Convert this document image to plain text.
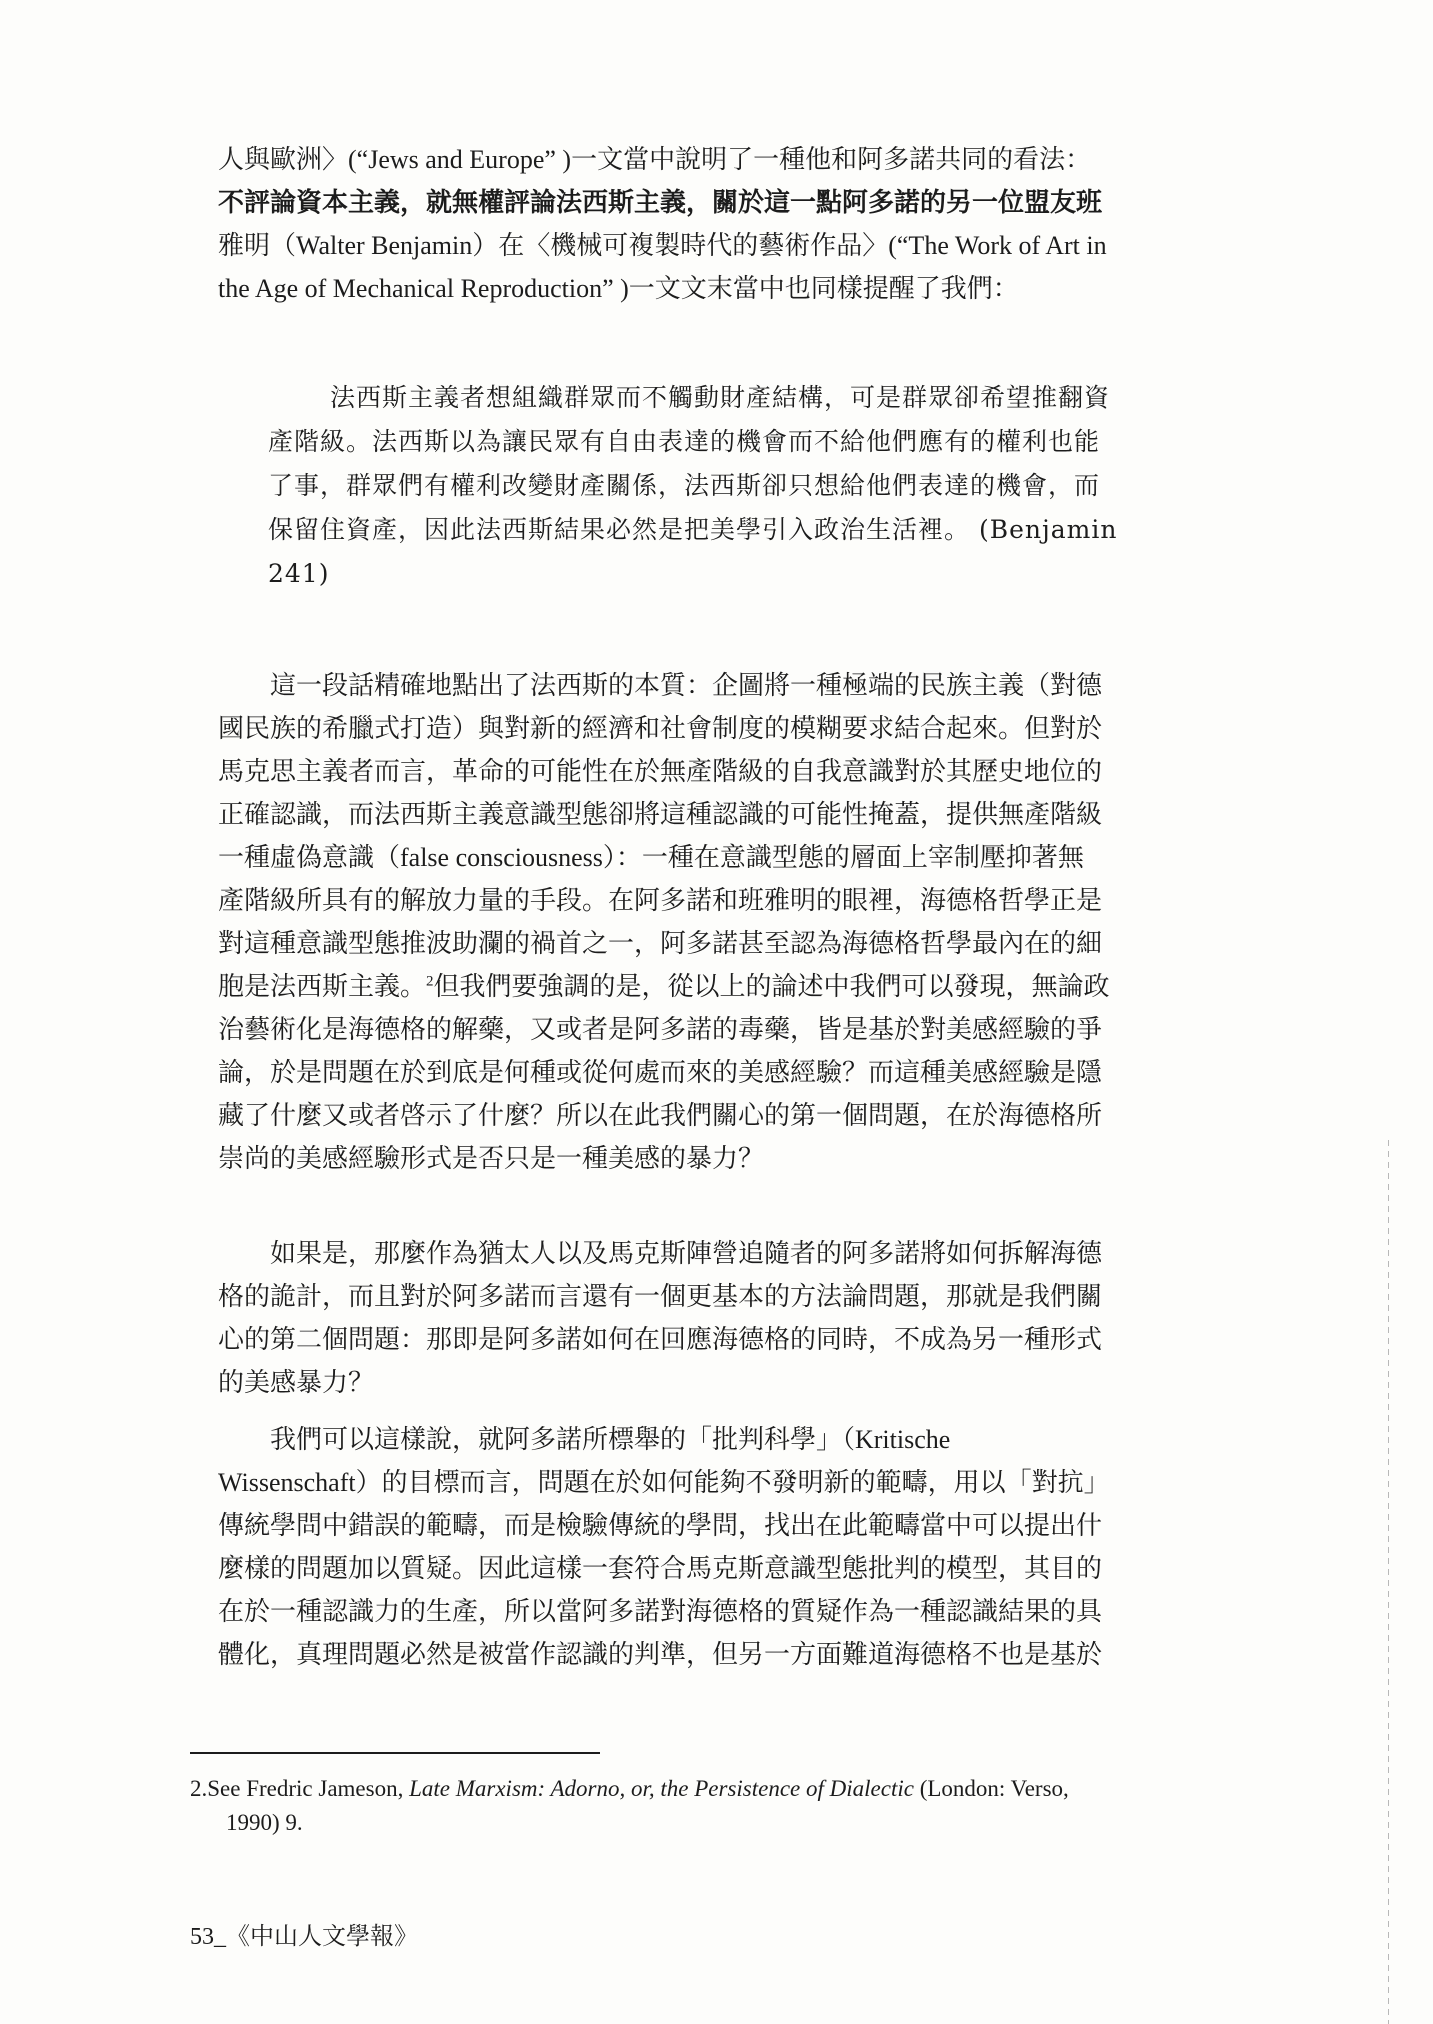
人與歐洲〉(“Jews and Europe” )一文當中說明了一種他和阿多諾共同的看法：
不評論資本主義，就無權評論法西斯主義，關於這一點阿多諾的另一位盟友班
雅明（Walter Benjamin）在〈機械可複製時代的藝術作品〉(“The Work of Art in
the Age of Mechanical Reproduction” )一文文末當中也同樣提醒了我們：
法西斯主義者想組織群眾而不觸動財產結構，可是群眾卻希望推翻資
產階級。法西斯以為讓民眾有自由表達的機會而不給他們應有的權利也能
了事，群眾們有權利改變財產關係，法西斯卻只想給他們表達的機會，而
保留住資產，因此法西斯結果必然是把美學引入政治生活裡。 (Benjamin
241)
　　這一段話精確地點出了法西斯的本質：企圖將一種極端的民族主義（對德
國民族的希臘式打造）與對新的經濟和社會制度的模糊要求結合起來。但對於
馬克思主義者而言，革命的可能性在於無產階級的自我意識對於其歷史地位的
正確認識，而法西斯主義意識型態卻將這種認識的可能性掩蓋，提供無產階級
一種虛偽意識（false consciousness）：一種在意識型態的層面上宰制壓抑著無
產階級所具有的解放力量的手段。在阿多諾和班雅明的眼裡，海德格哲學正是
對這種意識型態推波助瀾的禍首之一，阿多諾甚至認為海德格哲學最內在的細
胞是法西斯主義。$^2$但我們要強調的是，從以上的論述中我們可以發現，無論政
治藝術化是海德格的解藥，又或者是阿多諾的毒藥，皆是基於對美感經驗的爭
論，於是問題在於到底是何種或從何處而來的美感經驗？而這種美感經驗是隱
藏了什麼又或者啓示了什麼？所以在此我們關心的第一個問題，在於海德格所
崇尚的美感經驗形式是否只是一種美感的暴力？
　　如果是，那麼作為猶太人以及馬克斯陣營追隨者的阿多諾將如何拆解海德
格的詭計，而且對於阿多諾而言還有一個更基本的方法論問題，那就是我們關
心的第二個問題：那即是阿多諾如何在回應海德格的同時，不成為另一種形式
的美感暴力？
　　我們可以這樣說，就阿多諾所標舉的「批判科學」（Kritische
Wissenschaft）的目標而言，問題在於如何能夠不發明新的範疇，用以「對抗」
傳統學問中錯誤的範疇，而是檢驗傳統的學問，找出在此範疇當中可以提出什
麼樣的問題加以質疑。因此這樣一套符合馬克斯意識型態批判的模型，其目的
在於一種認識力的生產，所以當阿多諾對海德格的質疑作為一種認識結果的具
體化，真理問題必然是被當作認識的判準，但另一方面難道海德格不也是基於
2.See Fredric Jameson, Late Marxism: Adorno, or, the Persistence of Dialectic (London: Verso,
1990) 9.
53_《中山人文學報》
